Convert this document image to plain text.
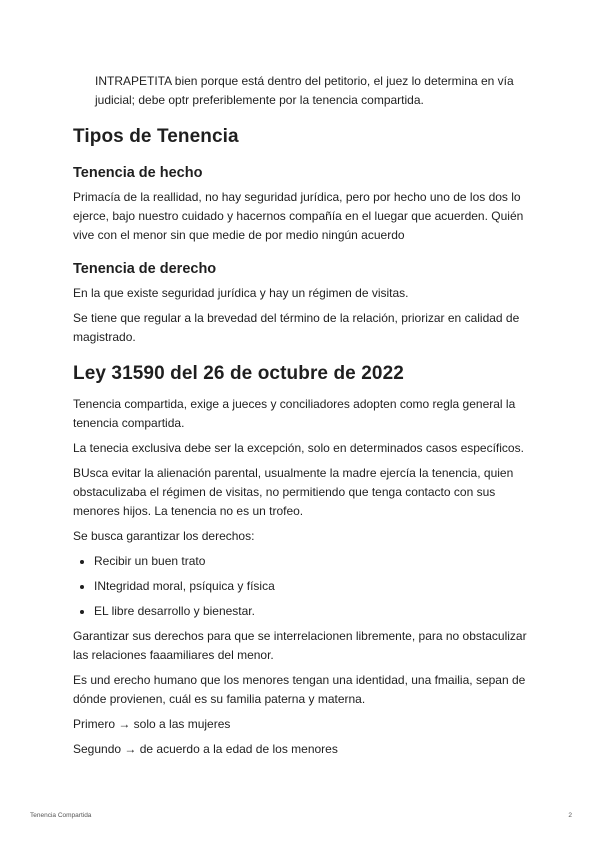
INTRAPETITA bien porque está dentro del petitorio, el juez lo determina en vía judicial; debe optr preferiblemente por la tenencia compartida.

Tipos de Tenencia
Tenencia de hecho

Primacía de la reallidad, no hay seguridad jurídica, pero por hecho uno de los dos lo ejerce, bajo nuestro cuidado y hacernos compañía en el luegar que acuerden. Quién vive con el menor sin que medie de por medio ningún acuerdo

Tenencia de derecho

En la que existe seguridad jurídica y hay un régimen de visitas.

Se tiene que regular a la brevedad del término de la relación, priorizar en calidad de magistrado.

Ley 31590 del 26 de octubre de 2022

Tenencia compartida, exige a jueces y conciliadores adopten como regla general la tenencia compartida.

La tenecia exclusiva debe ser la excepción, solo en determinados casos específicos.

BUsca evitar la alienación parental, usualmente la madre ejercía la tenencia, quien obstaculizaba el régimen de visitas, no permitiendo que tenga contacto con sus menores hijos. La tenencia no es un trofeo.

Se busca garantizar los derechos:

• Recibir un buen trato
• INtegridad moral, psíquica y física
• EL libre desarrollo y bienestar.

Garantizar sus derechos para que se interrelacionen libremente, para no obstaculizar las relaciones faaamiliares del menor.

Es und erecho humano que los menores tengan una identidad, una fmailia, sepan de dónde provienen, cuál es su familia paterna y materna.

Primero → solo a las mujeres

Segundo → de acuerdo a la edad de los menores

Tenencia Compartida	2
